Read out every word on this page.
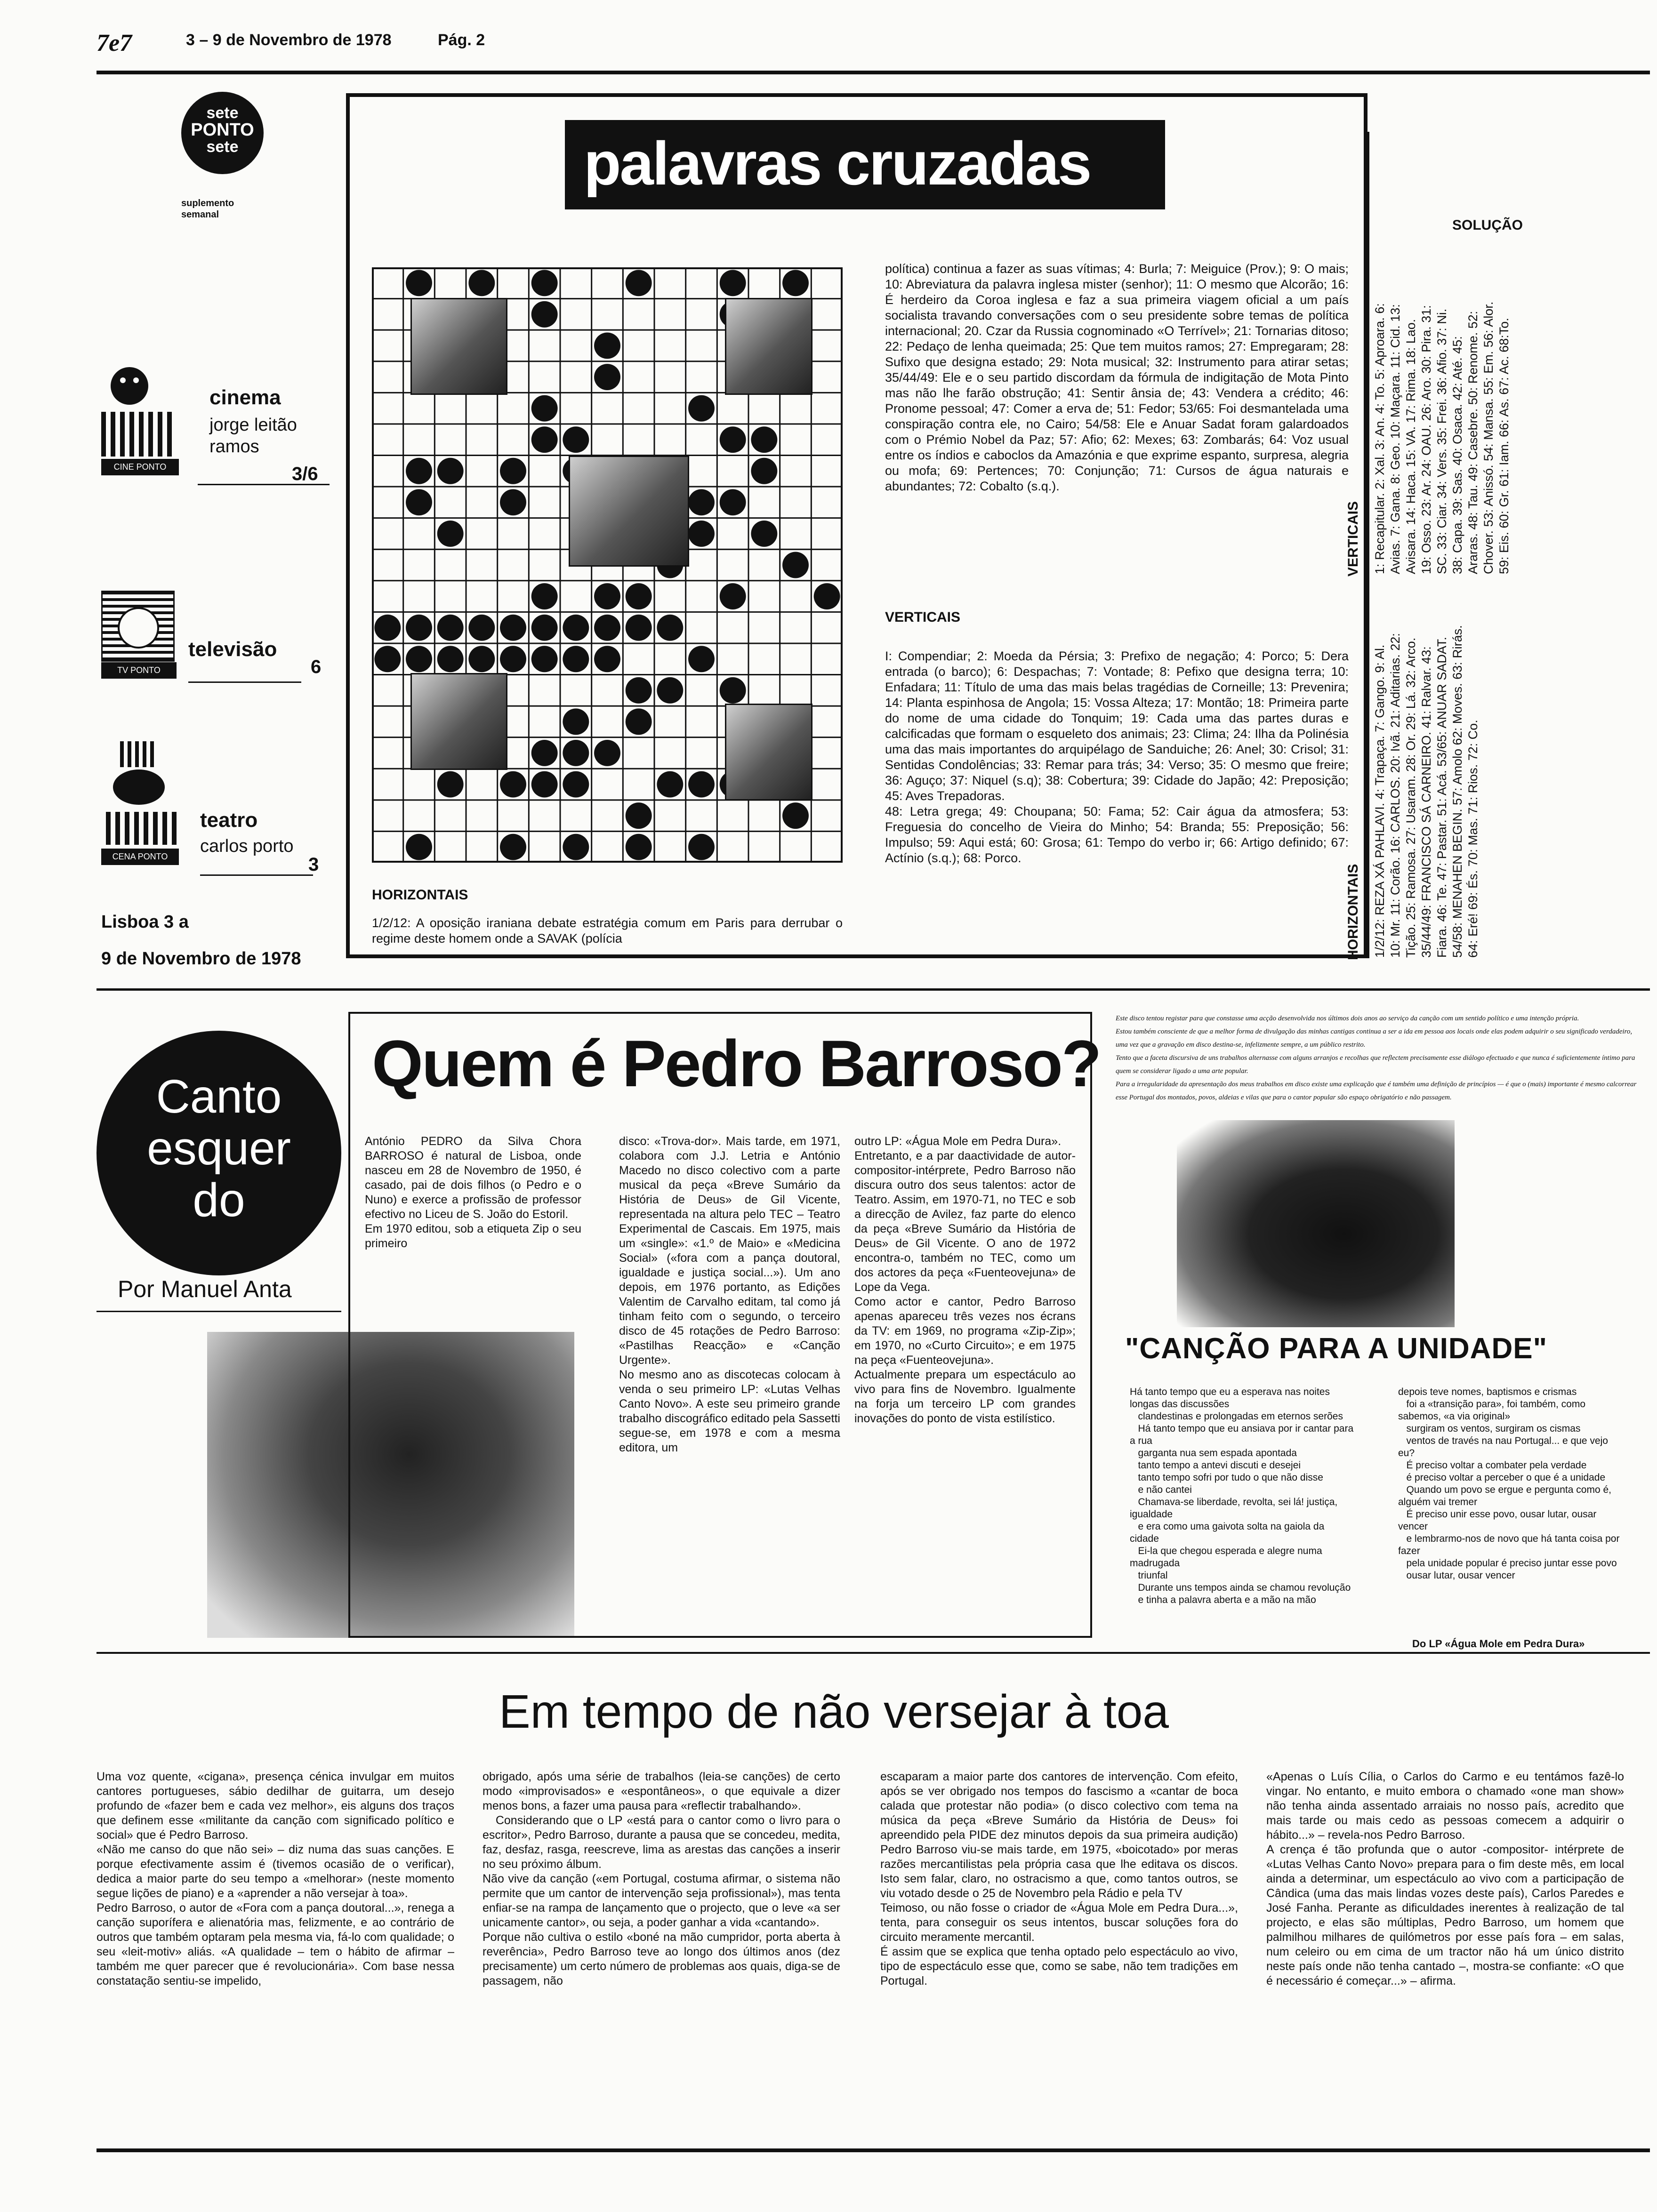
7e7	3 – 9 de Novembro de 1978	Pág. 2
sete
PONTO
sete
suplemento
semanal
CINE PONTO
cinema
jorge leitão
ramos
3/6
TV PONTO
televisão
6
CENA PONTO
teatro
carlos porto
3
Lisboa 3 a
9 de Novembro de 1978
palavras cruzadas
HORIZONTAIS
1/2/12: A oposição iraniana debate estratégia comum em Paris para derrubar o regime deste homem onde a SAVAK (polícia
política) continua a fazer as suas vítimas; 4: Burla; 7: Meiguice (Prov.); 9: O mais; 10: Abreviatura da palavra inglesa mister (senhor); 11: O mesmo que Alcorão; 16: É herdeiro da Coroa inglesa e faz a sua primeira viagem oficial a um país socialista travando conversações com o seu presidente sobre temas de política internacional; 20. Czar da Russia cognominado «O Terrível»; 21: Tornarias ditoso; 22: Pedaço de lenha queimada; 25: Que tem muitos ramos; 27: Empregaram; 28: Sufixo que designa estado; 29: Nota musical; 32: Instrumento para atirar setas; 35/44/49: Ele e o seu partido discordam da fórmula de indigitação de Mota Pinto mas não lhe farão obstrução; 41: Sentir ânsia de; 43: Vendera a crédito; 46: Pronome pessoal; 47: Comer a erva de; 51: Fedor; 53/65: Foi desmantelada uma conspiração contra ele, no Cairo; 54/58: Ele e Anuar Sadat foram galardoados com o Prémio Nobel da Paz; 57: Afio; 62: Mexes; 63: Zombarás; 64: Voz usual entre os índios e caboclos da Amazónia e que exprime espanto, surpresa, alegria ou mofa; 69: Pertences; 70: Conjunção; 71: Cursos de água naturais e abundantes; 72: Cobalto (s.q.).
VERTICAIS
I: Compendiar; 2: Moeda da Pérsia; 3: Prefixo de negação; 4: Porco; 5: Dera entrada (o barco); 6: Despachas; 7: Vontade; 8: Pefixo que designa terra; 10: Enfadara; 11: Título de uma das mais belas tragédias de Corneille; 13: Prevenira; 14: Planta espinhosa de Angola; 15: Vossa Alteza; 17: Montão; 18: Primeira parte do nome de uma cidade do Tonquim; 19: Cada uma das partes duras e calcificadas que formam o esqueleto dos animais; 23: Clima; 24: Ilha da Polinésia uma das mais importantes do arquipélago de Sanduiche; 26: Anel; 30: Crisol; 31: Sentidas Condolências; 33: Remar para trás; 34: Verso; 35: O mesmo que freire; 36: Aguço; 37: Niquel (s.q); 38: Cobertura; 39: Cidade do Japão; 42: Preposição; 45: Aves Trepadoras.
48: Letra grega; 49: Choupana; 50: Fama; 52: Cair água da atmosfera; 53: Freguesia do concelho de Vieira do Minho; 54: Branda; 55: Preposição; 56: Impulso; 59: Aqui está; 60: Grosa; 61: Tempo do verbo ir; 66: Artigo definido; 67: Actínio (s.q.); 68: Porco.
SOLUÇÃO
VERTICAIS 1: Recapitular. 2: Xal. 3: An. 4: To. 5: Aproara. 6: Avias. 7: Gana. 8: Geo. 10: Maçara. 11: Cid. 13: Avisara. 14: Haca. 15: VA. 17: Rima. 18: Lao. 19: Osso. 23: Ar. 24: OAU. 26: Aro. 30: Pira. 31: SC. 33: Ciar. 34: Vers. 35: Frei. 36: Afio. 37: Ni. 38: Capa. 39: Sas. 40: Osaca. 42: Até. 45: Araras. 48: Tau. 49: Casebre. 50: Renome. 52: Chover. 53: Anissó. 54: Mansa. 55: Em. 56: Alor. 59: Eis. 60: Gr. 61: Iam. 66: As. 67: Ac. 68:To.
HORIZONTAIS 1/2/12: REZA XÁ PAHLAVI. 4: Trapaça. 7: Gango. 9: Al. 10: Mr. 11: Corão. 16: CARLOS. 20: Ivã. 21: Aditarias. 22: Tição. 25: Ramosa. 27: Usaram. 28: Or. 29: Lá. 32: Arco. 35/44/49: FRANCISCO SÁ CARNEIRO. 41: Ralvar. 43: Fiara. 46: Te. 47: Pastar. 51: Acá. 53/65: ANUAR SADAT. 54/58: MENAHEN BEGIN. 57: Amolo 62: Moves. 63: Rirás. 64: Eré! 69: És. 70: Mas. 71: Rios. 72: Co.
Canto
esquer
do
Por Manuel Anta
Quem é Pedro Barroso?
António PEDRO da Silva Chora BARROSO é natural de Lisboa, onde nasceu em 28 de Novembro de 1950, é casado, pai de dois filhos (o Pedro e o Nuno) e exerce a profissão de professor efectivo no Liceu de S. João do Estoril.
Em 1970 editou, sob a etiqueta Zip o seu primeiro
disco: «Trova-dor». Mais tarde, em 1971, colabora com J.J. Letria e António Macedo no disco colectivo com a parte musical da peça «Breve Sumário da História de Deus» de Gil Vicente, representada na altura pelo TEC – Teatro Experimental de Cascais. Em 1975, mais um «single»: «1.º de Maio» e «Medicina Social» («fora com a pança doutoral, igualdade e justiça social...»). Um ano depois, em 1976 portanto, as Edições Valentim de Carvalho editam, tal como já tinham feito com o segundo, o terceiro disco de 45 rotações de Pedro Barroso: «Pastilhas Reacção» e «Canção Urgente».
No mesmo ano as discotecas colocam à venda o seu primeiro LP: «Lutas Velhas Canto Novo». A este seu primeiro grande trabalho discográfico editado pela Sassetti segue-se, em 1978 e com a mesma editora, um
outro LP: «Água Mole em Pedra Dura».
Entretanto, e a par daactividade de autor-compositor-intérprete, Pedro Barroso não discura outro dos seus talentos: actor de Teatro. Assim, em 1970-71, no TEC e sob a direcção de Avilez, faz parte do elenco da peça «Breve Sumário da História de Deus» de Gil Vicente. O ano de 1972 encontra-o, também no TEC, como um dos actores da peça «Fuenteovejuna» de Lope da Vega.
Como actor e cantor, Pedro Barroso apenas apareceu três vezes nos écrans da TV: em 1969, no programa «Zip-Zip»; em 1970, no «Curto Circuito»; e em 1975 na peça «Fuenteovejuna».
Actualmente prepara um espectáculo ao vivo para fins de Novembro. Igualmente na forja um terceiro LP com grandes inovações do ponto de vista estilístico.
Este disco tentou registar para que constasse uma acção desenvolvida nos últimos dois anos ao serviço da canção com um sentido político e uma intenção própria.
Estou também consciente de que a melhor forma de divulgação das minhas cantigas continua a ser a ida em pessoa aos locais onde elas podem adquirir o seu significado verdadeiro, uma vez que a gravação em disco destina-se, infelizmente sempre, a um público restrito.
Tento que a faceta discursiva de uns trabalhos alternasse com alguns arranjos e recolhas que reflectem precisamente esse diálogo efectuado e que nunca é suficientemente íntimo para quem se considerar ligado a uma arte popular.
Para a irregularidade da apresentação dos meus trabalhos em disco existe uma explicação que é também uma definição de princípios — é que o (mais) importante é mesmo calcorrear esse Portugal dos montados, povos, aldeias e vilas que para o cantor popular são espaço obrigatório e não passagem.
"CANÇÃO PARA A UNIDADE"
Há tanto tempo que eu a esperava nas noites longas das discussões
clandestinas e prolongadas em eternos serões
Há tanto tempo que eu ansiava por ir cantar para a rua
garganta nua sem espada apontada
tanto tempo a antevi discuti e desejei
tanto tempo sofri por tudo o que não disse
e não cantei
Chamava-se liberdade, revolta, sei lá! justiça, igualdade
e era como uma gaivota solta na gaiola da cidade
Ei-la que chegou esperada e alegre numa madrugada
triunfal
Durante uns tempos ainda se chamou revolução
e tinha a palavra aberta e a mão na mão
depois teve nomes, baptismos e crismas
foi a «transição para», foi também, como sabemos, «a via original»
surgiram os ventos, surgiram os cismas
ventos de través na nau Portugal... e que vejo eu?
É preciso voltar a combater pela verdade
é preciso voltar a perceber o que é a unidade
Quando um povo se ergue e pergunta como é, alguém vai tremer
É preciso unir esse povo, ousar lutar, ousar vencer
e lembrarmo-nos de novo que há tanta coisa por fazer
pela unidade popular é preciso juntar esse povo
ousar lutar, ousar vencer
Do LP «Água Mole em Pedra Dura»
Em tempo de não versejar à toa
Uma voz quente, «cigana», presença cénica invulgar em muitos cantores portugueses, sábio dedilhar de guitarra, um desejo profundo de «fazer bem e cada vez melhor», eis alguns dos traços que definem esse «militante da canção com significado político e social» que é Pedro Barroso.
«Não me canso do que não sei» – diz numa das suas canções. E porque efectivamente assim é (tivemos ocasião de o verificar), dedica a maior parte do seu tempo a «melhorar» (neste momento segue lições de piano) e a «aprender a não versejar à toa».
Pedro Barroso, o autor de «Fora com a pança doutoral...», renega a canção suporífera e alienatória mas, felizmente, e ao contrário de outros que também optaram pela mesma via, fá-lo com qualidade; o seu «leit-motiv» aliás. «A qualidade – tem o hábito de afirmar – também me quer parecer que é revolucionária». Com base nessa constatação sentiu-se impelido,
obrigado, após uma série de trabalhos (leia-se canções) de certo modo «improvisados» e «espontâneos», o que equivale a dizer menos bons, a fazer uma pausa para «reflectir trabalhando».
Considerando que o LP «está para o cantor como o livro para o escritor», Pedro Barroso, durante a pausa que se concedeu, medita, faz, desfaz, rasga, reescreve, lima as arestas das canções a inserir no seu próximo álbum.
Não vive da canção («em Portugal, costuma afirmar, o sistema não permite que um cantor de intervenção seja profissional»), mas tenta enfiar-se na rampa de lançamento que o projecto, que o leve «a ser unicamente cantor», ou seja, a poder ganhar a vida «cantando».
Porque não cultiva o estilo «boné na mão cumpridor, porta aberta à reverência», Pedro Barroso teve ao longo dos últimos anos (dez precisamente) um certo número de problemas aos quais, diga-se de passagem, não
escaparam a maior parte dos cantores de intervenção. Com efeito, após se ver obrigado nos tempos do fascismo a «cantar de boca calada que protestar não podia» (o disco colectivo com tema na música da peça «Breve Sumário da História de Deus» foi apreendido pela PIDE dez minutos depois da sua primeira audição) Pedro Barroso viu-se mais tarde, em 1975, «boicotado» por meras razões mercantilistas pela própria casa que lhe editava os discos. Isto sem falar, claro, no ostracismo a que, como tantos outros, se viu votado desde o 25 de Novembro pela Rádio e pela TV
Teimoso, ou não fosse o criador de «Água Mole em Pedra Dura...», tenta, para conseguir os seus intentos, buscar soluções fora do circuito meramente mercantil.
É assim que se explica que tenha optado pelo espectáculo ao vivo, tipo de espectáculo esse que, como se sabe, não tem tradições em Portugal.
«Apenas o Luís Cília, o Carlos do Carmo e eu tentámos fazê-lo vingar. No entanto, e muito embora o chamado «one man show» não tenha ainda assentado arraiais no nosso país, acredito que mais tarde ou mais cedo as pessoas comecem a adquirir o hábito...» – revela-nos Pedro Barroso.
A crença é tão profunda que o autor -compositor- intérprete de «Lutas Velhas Canto Novo» prepara para o fim deste mês, em local ainda a determinar, um espectáculo ao vivo com a participação de Cândica (uma das mais lindas vozes deste país), Carlos Paredes e José Fanha. Perante as dificuldades inerentes à realização de tal projecto, e elas são múltiplas, Pedro Barroso, um homem que palmilhou milhares de quilómetros por esse país fora – em salas, num celeiro ou em cima de um tractor não há um único distrito neste país onde não tenha cantado –, mostra-se confiante: «O que é necessário é começar...» – afirma.
